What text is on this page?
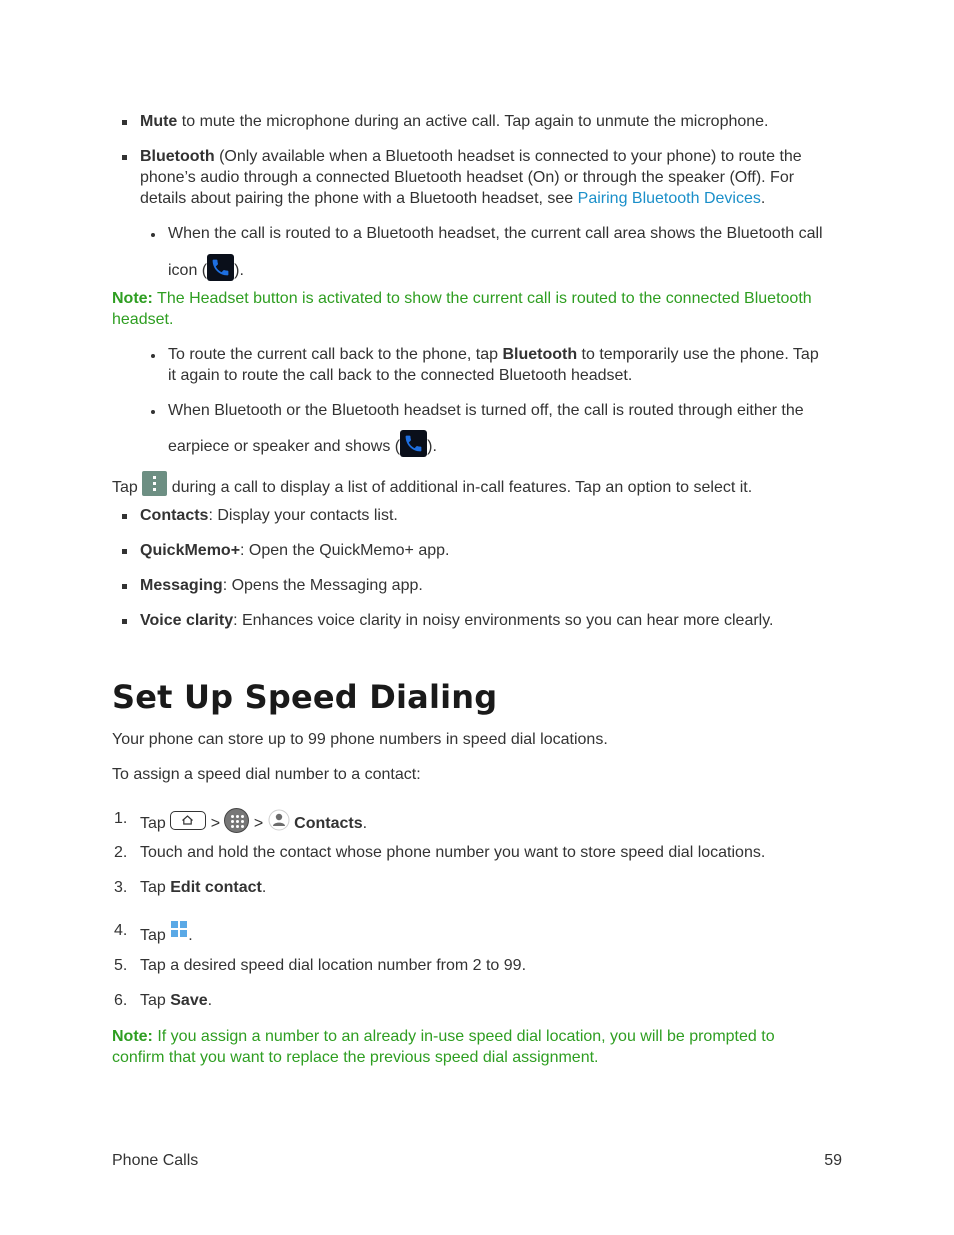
Mute to mute the microphone during an active call. Tap again to unmute the microphone.
Bluetooth (Only available when a Bluetooth headset is connected to your phone) to route the
phone’s audio through a connected Bluetooth headset (On) or through the speaker (Off). For
details about pairing the phone with a Bluetooth headset, see Pairing Bluetooth Devices.
When the call is routed to a Bluetooth headset, the current call area shows the Bluetooth call
icon ( ).
Note: The Headset button is activated to show the current call is routed to the connected Bluetooth
headset.
To route the current call back to the phone, tap Bluetooth to temporarily use the phone. Tap
it again to route the call back to the connected Bluetooth headset.
When Bluetooth or the Bluetooth headset is turned off, the call is routed through either the
earpiece or speaker and shows ( ).
Tap
during a call to display a list of additional in-call features. Tap an option to select it.
Contacts: Display your contacts list.
QuickMemo+: Open the QuickMemo+ app.
Messaging: Opens the Messaging app.
Voice clarity: Enhances voice clarity in noisy environments so you can hear more clearly.
Set Up Speed Dialing
Your phone can store up to 99 phone numbers in speed dial locations.
To assign a speed dial number to a contact:
1. Tap
>
>  Contacts.
2. Touch and hold the contact whose phone number you want to store speed dial locations.
3. Tap Edit contact.
4. Tap .
5. Tap a desired speed dial location number from 2 to 99.
6. Tap Save.
Note: If you assign a number to an already in-use speed dial location, you will be prompted to
confirm that you want to replace the previous speed dial assignment.
Phone Calls	59
